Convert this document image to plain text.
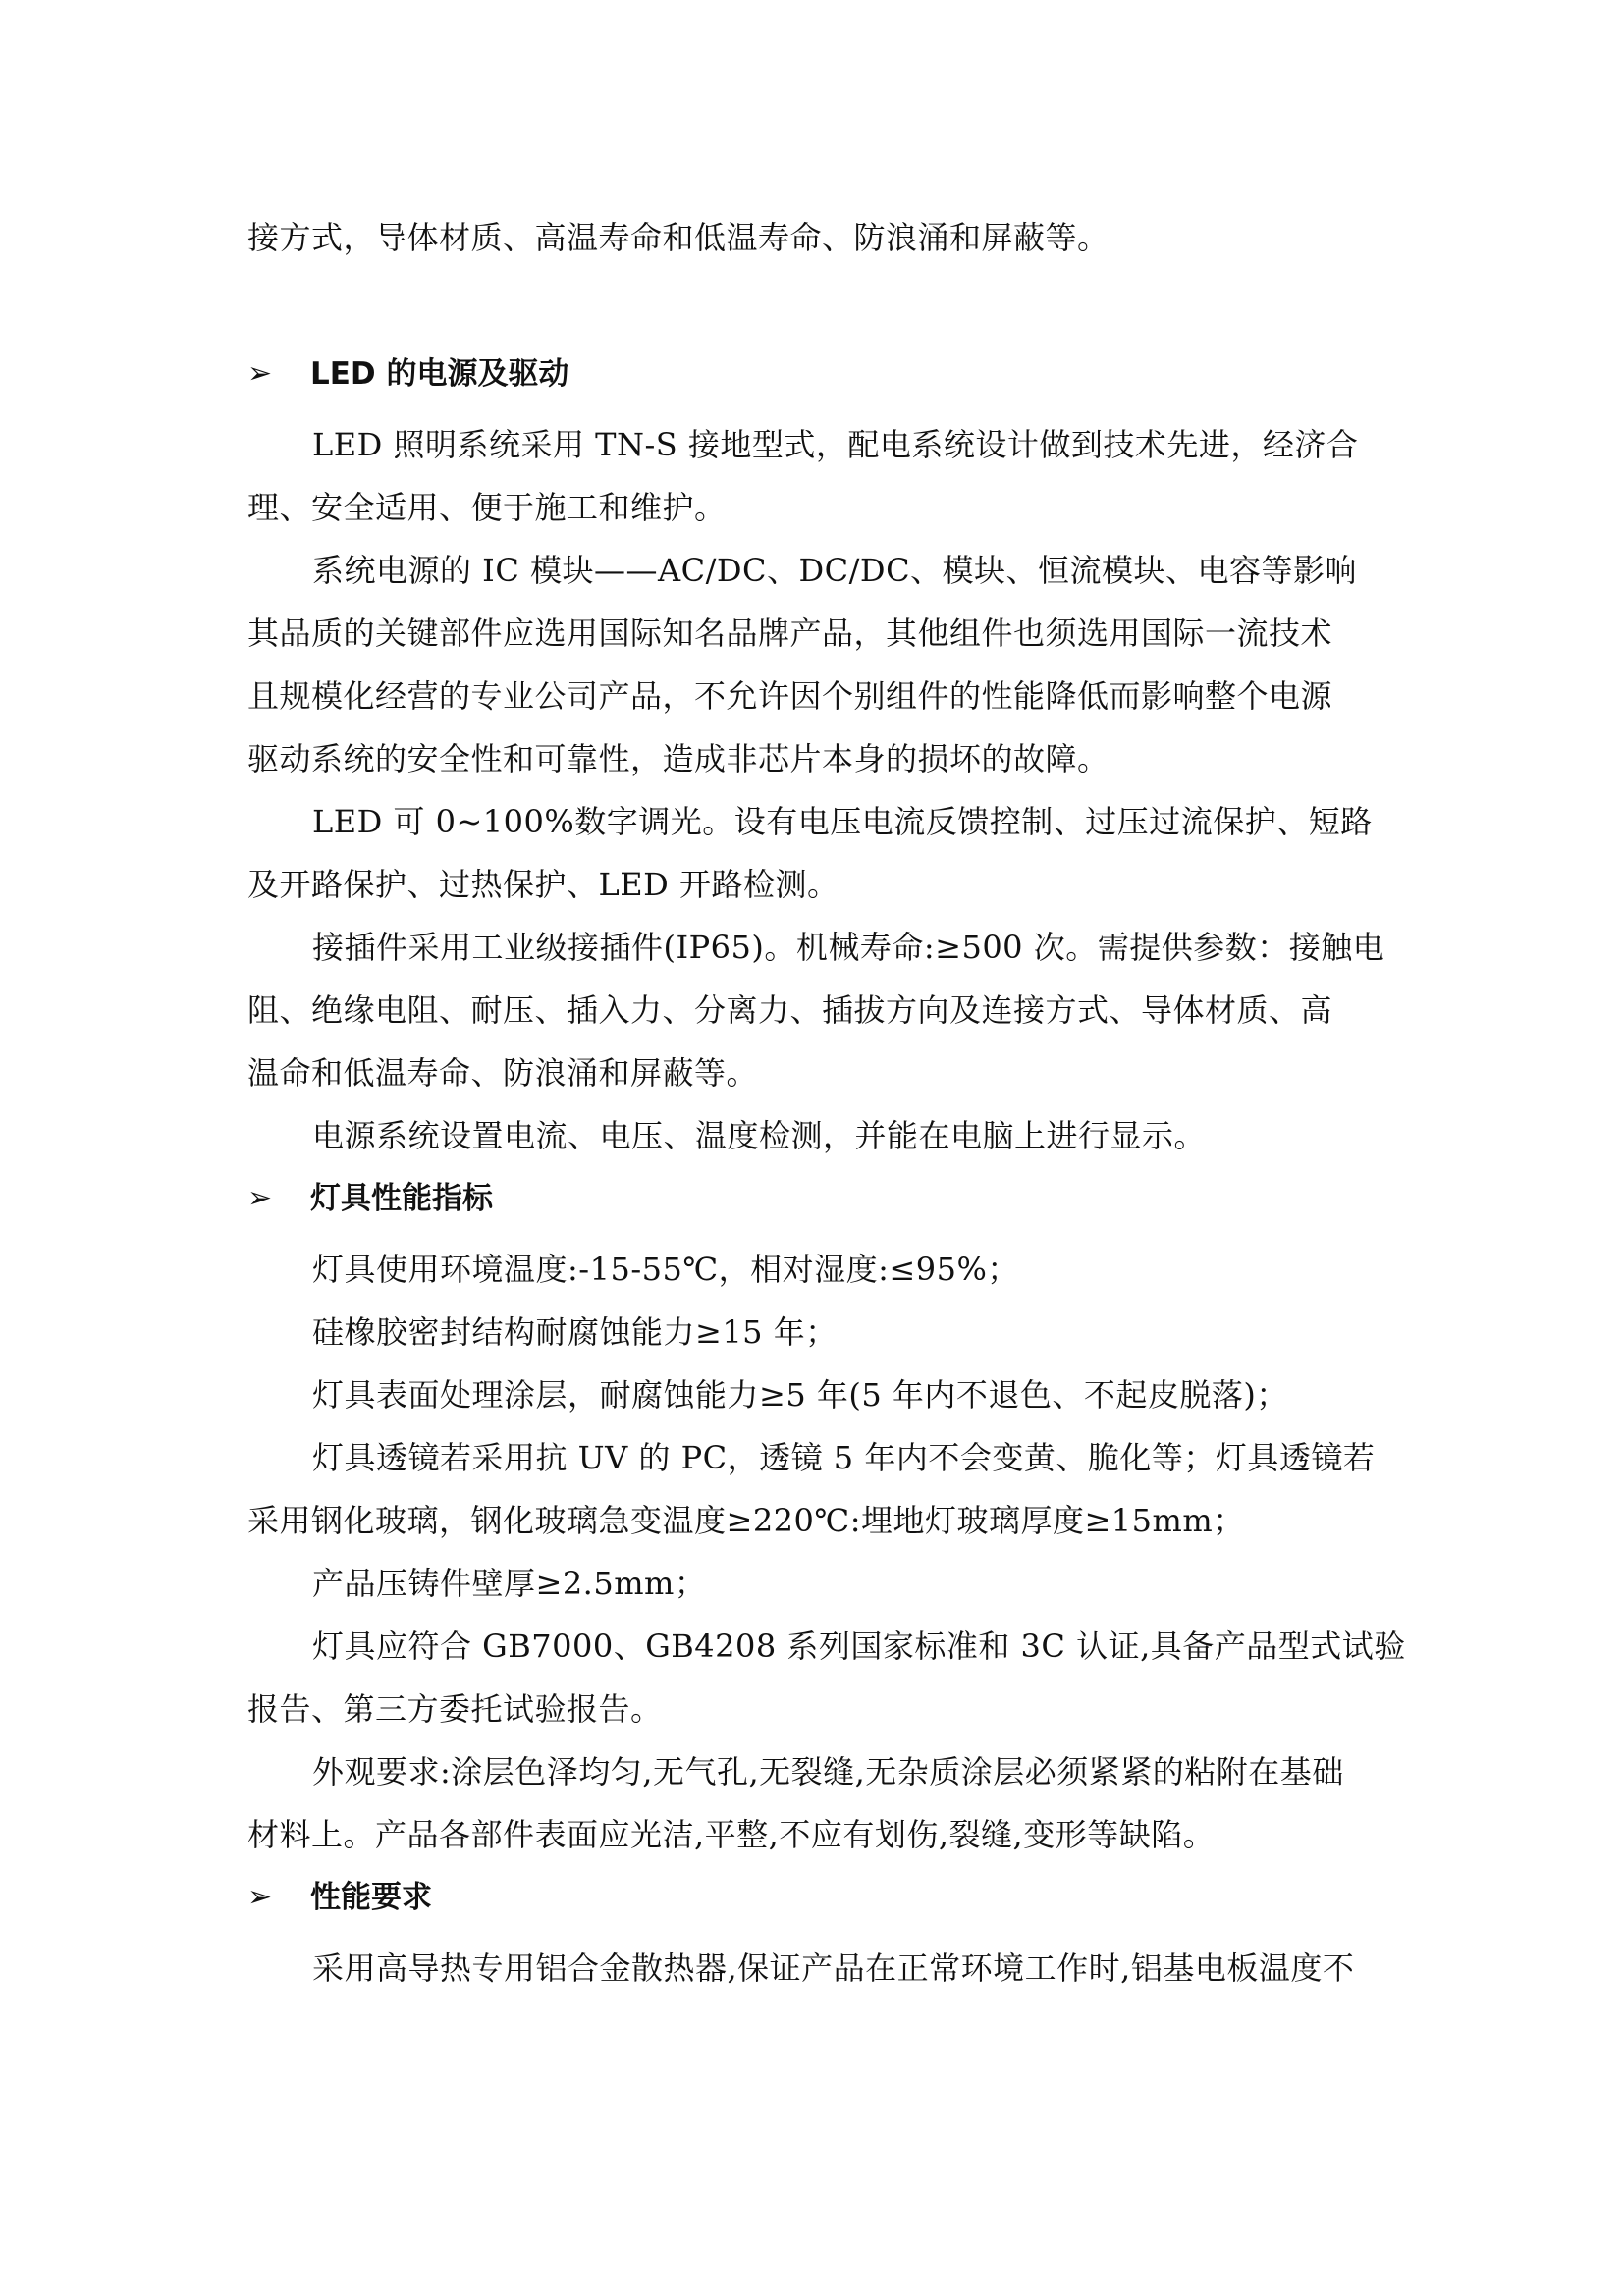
接方式，导体材质、高温寿命和低温寿命、防浪涌和屏蔽等。
➢	LED 的电源及驱动
LED 照明系统采用 TN-S 接地型式，配电系统设计做到技术先进，经济合
理、安全适用、便于施工和维护。
系统电源的 IC 模块——AC/DC、DC/DC、模块、恒流模块、电容等影响
其品质的关键部件应选用国际知名品牌产品，其他组件也须选用国际一流技术
且规模化经营的专业公司产品，不允许因个别组件的性能降低而影响整个电源
驱动系统的安全性和可靠性，造成非芯片本身的损坏的故障。
LED 可 0~100%数字调光。设有电压电流反馈控制、过压过流保护、短路
及开路保护、过热保护、LED 开路检测。
接插件采用工业级接插件(IP65)。机械寿命:≥500 次。需提供参数：接触电
阻、绝缘电阻、耐压、插入力、分离力、插拔方向及连接方式、导体材质、高
温命和低温寿命、防浪涌和屏蔽等。
电源系统设置电流、电压、温度检测，并能在电脑上进行显示。
➢	灯具性能指标
灯具使用环境温度:-15-55℃，相对湿度:≤95%；
硅橡胶密封结构耐腐蚀能力≥15 年；
灯具表面处理涂层，耐腐蚀能力≥5 年(5 年内不退色、不起皮脱落)；
灯具透镜若采用抗 UV 的 PC，透镜 5 年内不会变黄、脆化等；灯具透镜若
采用钢化玻璃，钢化玻璃急变温度≥220℃:埋地灯玻璃厚度≥15mm；
产品压铸件壁厚≥2.5mm；
灯具应符合 GB7000、GB4208 系列国家标准和 3C 认证,具备产品型式试验
报告、第三方委托试验报告。
外观要求:涂层色泽均匀,无气孔,无裂缝,无杂质涂层必须紧紧的粘附在基础
材料上。产品各部件表面应光洁,平整,不应有划伤,裂缝,变形等缺陷。
➢	性能要求
采用高导热专用铝合金散热器,保证产品在正常环境工作时,铝基电板温度不
